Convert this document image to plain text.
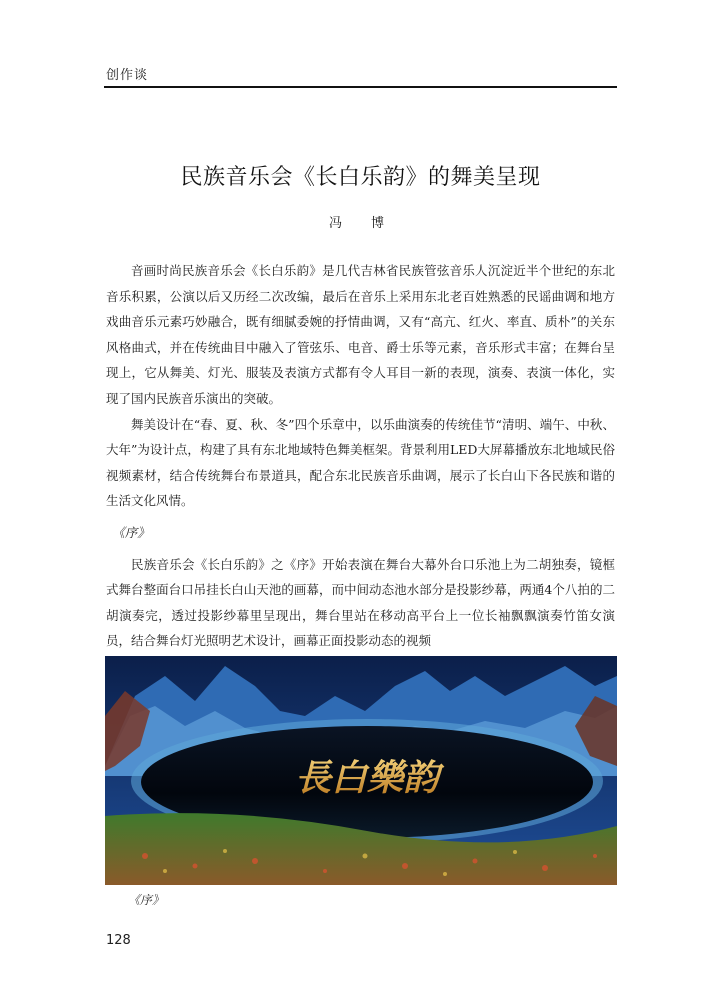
创作谈
民族音乐会《长白乐韵》的舞美呈现
冯　博

音画时尚民族音乐会《长白乐韵》是几代吉林省民族管弦音乐人沉淀近半个世纪的东北音乐积累，公演以后又历经二次改编，最后在音乐上采用东北老百姓熟悉的民谣曲调和地方戏曲音乐元素巧妙融合，既有细腻委婉的抒情曲调，又有“高亢、红火、率直、质朴”的关东风格曲式，并在传统曲目中融入了管弦乐、电音、爵士乐等元素，音乐形式丰富；在舞台呈现上，它从舞美、灯光、服装及表演方式都有令人耳目一新的表现，演奏、表演一体化，实现了国内民族音乐演出的突破。

舞美设计在“春、夏、秋、冬”四个乐章中，以乐曲演奏的传统佳节“清明、端午、中秋、大年”为设计点，构建了具有东北地域特色舞美框架。背景利用LED大屏幕播放东北地域民俗视频素材，结合传统舞台布景道具，配合东北民族音乐曲调，展示了长白山下各民族和谐的生活文化风情。

《序》

民族音乐会《长白乐韵》之《序》开始表演在舞台大幕外台口乐池上为二胡独奏，镜框式舞台整面台口吊挂长白山天池的画幕，而中间动态池水部分是投影纱幕，两通4个八拍的二胡演奏完，透过投影纱幕里呈现出，舞台里站在移动高平台上一位长袖飘飘演奏竹笛女演员，结合舞台灯光照明艺术设计，画幕正面投影动态的视频

長白樂韵
《序》
128
